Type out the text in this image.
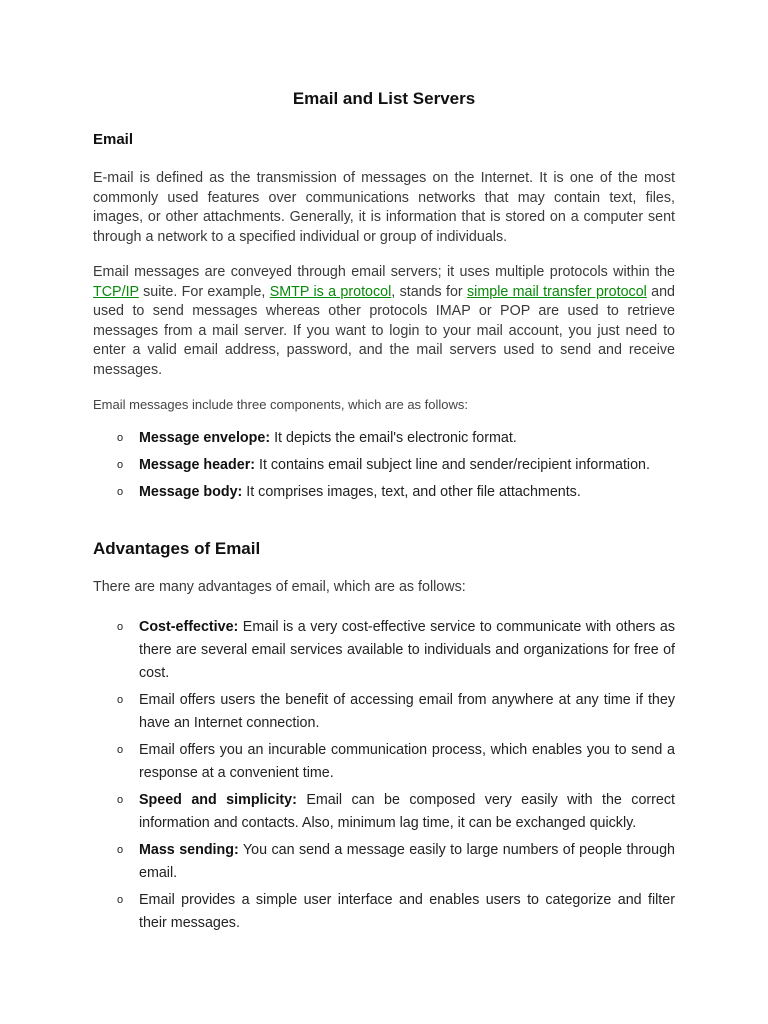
Email and List Servers
Email

E-mail is defined as the transmission of messages on the Internet. It is one of the most commonly used features over communications networks that may contain text, files, images, or other attachments. Generally, it is information that is stored on a computer sent through a network to a specified individual or group of individuals.

Email messages are conveyed through email servers; it uses multiple protocols within the TCP/IP suite. For example, SMTP is a protocol, stands for simple mail transfer protocol and used to send messages whereas other protocols IMAP or POP are used to retrieve messages from a mail server. If you want to login to your mail account, you just need to enter a valid email address, password, and the mail servers used to send and receive messages.

Email messages include three components, which are as follows:

o Message envelope: It depicts the email's electronic format.
o Message header: It contains email subject line and sender/recipient information.
o Message body: It comprises images, text, and other file attachments.
Advantages of Email

There are many advantages of email, which are as follows:

o Cost-effective: Email is a very cost-effective service to communicate with others as there are several email services available to individuals and organizations for free of cost.
o Email offers users the benefit of accessing email from anywhere at any time if they have an Internet connection.
o Email offers you an incurable communication process, which enables you to send a response at a convenient time.
o Speed and simplicity: Email can be composed very easily with the correct information and contacts. Also, minimum lag time, it can be exchanged quickly.
o Mass sending: You can send a message easily to large numbers of people through email.
o Email provides a simple user interface and enables users to categorize and filter their messages.
